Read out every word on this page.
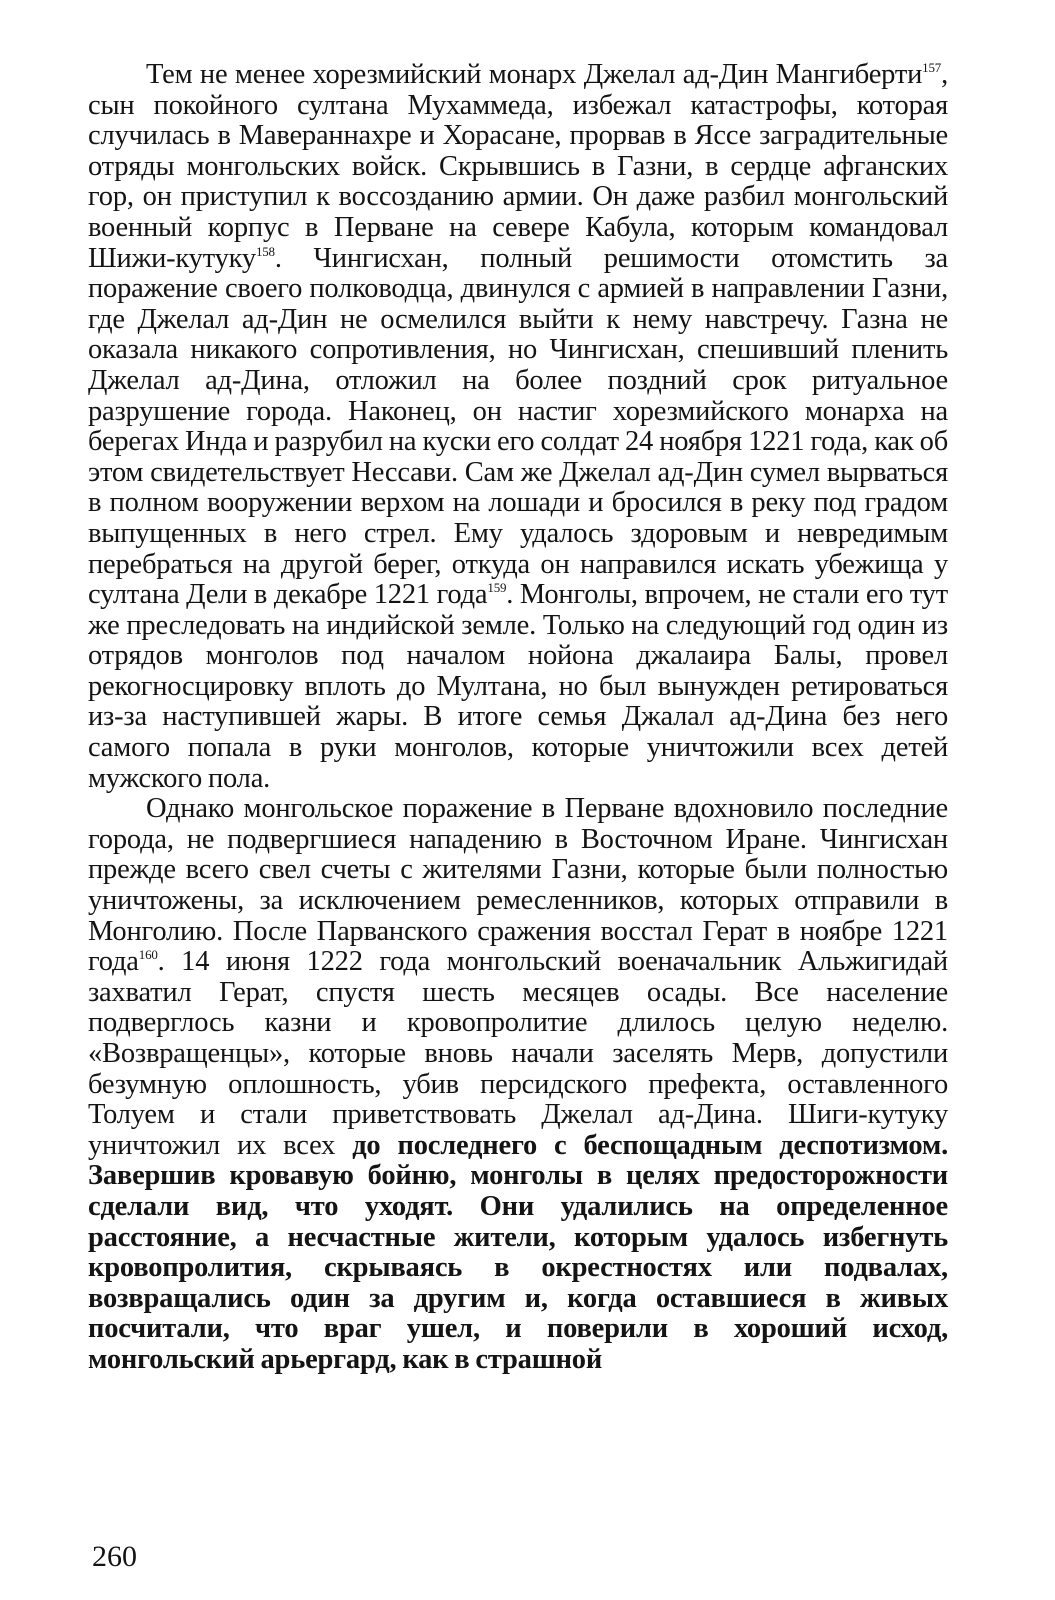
Тем не менее хорезмийский монарх Джелал ад-Дин Мангиберти$^{157}$, сын покойного султана Мухаммеда, избежал катастрофы, которая случилась в Мавераннахре и Хорасане, прорвав в Яссе заградительные отряды монгольских войск. Скрывшись в Газни, в сердце афганских гор, он приступил к воссозданию армии. Он даже разбил монгольский военный корпус в Перване на севере Кабула, которым командовал Шижи-кутуку$^{158}$. Чингисхан, полный решимости отомстить за поражение своего полководца, двинулся с армией в направлении Газни, где Джелал ад-Дин не осмелился выйти к нему навстречу. Газна не оказала никакого сопротивления, но Чингисхан, спешивший пленить Джелал ад-Дина, отложил на более поздний срок ритуальное разрушение города. Наконец, он настиг хорезмийского монарха на берегах Инда и разрубил на куски его солдат 24 ноября 1221 года, как об этом свидетельствует Нессави. Сам же Джелал ад-Дин сумел вырваться в полном вооружении верхом на лошади и бросился в реку под градом выпущенных в него стрел. Ему удалось здоровым и невредимым перебраться на другой берег, откуда он направился искать убежища у султана Дели в декабре 1221 года$^{159}$. Монголы, впрочем, не стали его тут же преследовать на индийской земле. Только на следующий год один из отрядов монголов под началом нойона джалаира Балы, провел рекогносцировку вплоть до Мултана, но был вынужден ретироваться из-за наступившей жары. В итоге семья Джалал ад-Дина без него самого попала в руки монголов, которые уничтожили всех детей мужского пола.

Однако монгольское поражение в Перване вдохновило последние города, не подвергшиеся нападению в Восточном Иране. Чингисхан прежде всего свел счеты с жителями Газни, которые были полностью уничтожены, за исключением ремесленников, которых отправили в Монголию. После Парванского сражения восстал Герат в ноябре 1221 года$^{160}$. 14 июня 1222 года монгольский военачальник Альжигидай захватил Герат, спустя шесть месяцев осады. Все население подверглось казни и кровопролитие длилось целую неделю. «Возвращенцы», которые вновь начали заселять Мерв, допустили безумную оплошность, убив персидского префекта, оставленного Толуем и стали приветствовать Джелал ад-Дина. Шиги-кутуку уничтожил их всех до последнего с беспощадным деспотизмом. Завершив кровавую бойню, монголы в целях предосторожности сделали вид, что уходят. Они удалились на определенное расстояние, а несчастные жители, которым удалось избегнуть кровопролития, скрываясь в окрестностях или подвалах, возвращались один за другим и, когда оставшиеся в живых посчитали, что враг ушел, и поверили в хороший исход, монгольский арьергард, как в страшной

260
